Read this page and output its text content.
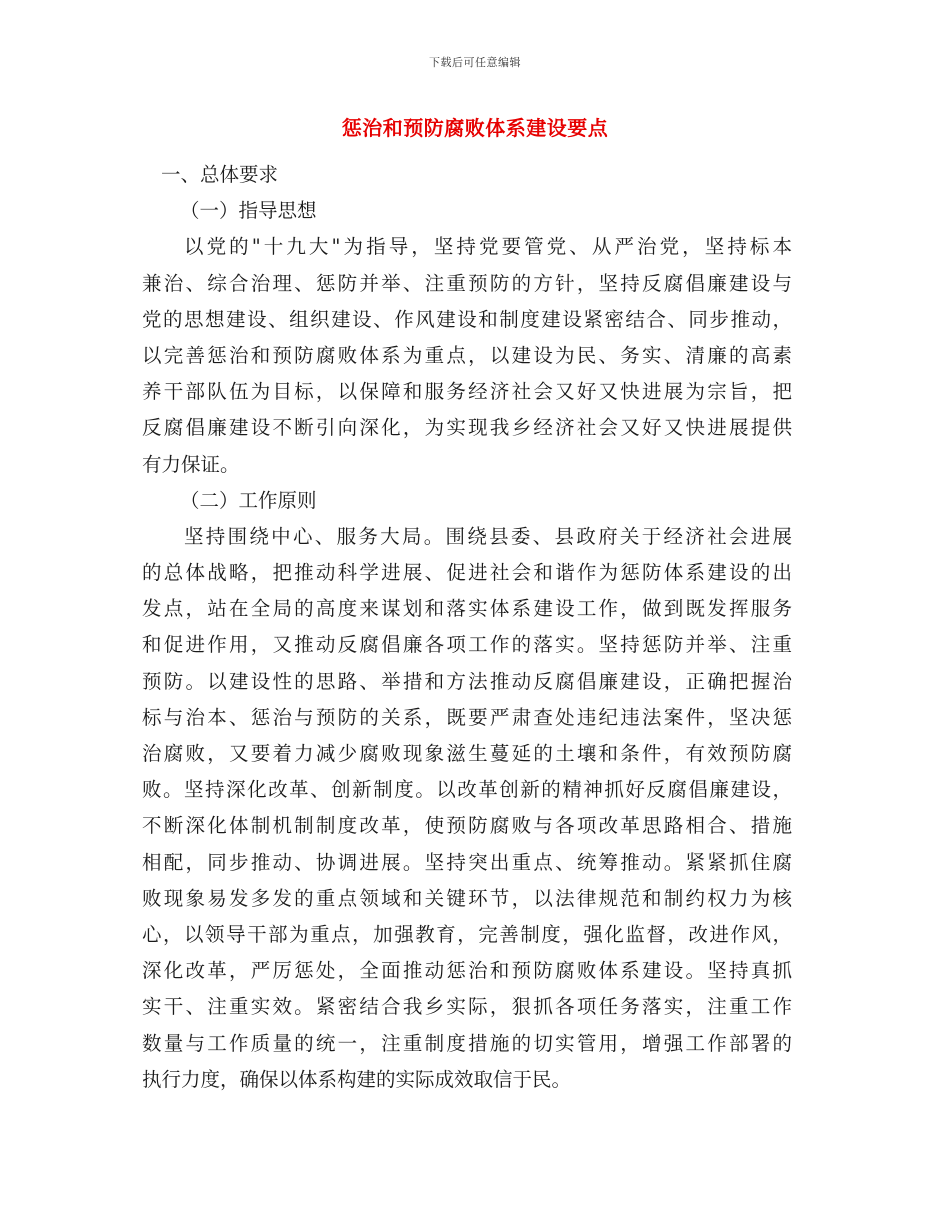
下载后可任意编辑
惩治和预防腐败体系建设要点
一、总体要求
（一）指导思想
以党的"十九大"为指导，坚持党要管党、从严治党，坚持标本
兼治、综合治理、惩防并举、注重预防的方针，坚持反腐倡廉建设与
党的思想建设、组织建设、作风建设和制度建设紧密结合、同步推动，
以完善惩治和预防腐败体系为重点，以建设为民、务实、清廉的高素
养干部队伍为目标，以保障和服务经济社会又好又快进展为宗旨，把
反腐倡廉建设不断引向深化，为实现我乡经济社会又好又快进展提供
有力保证。
（二）工作原则
坚持围绕中心、服务大局。围绕县委、县政府关于经济社会进展
的总体战略，把推动科学进展、促进社会和谐作为惩防体系建设的出
发点，站在全局的高度来谋划和落实体系建设工作，做到既发挥服务
和促进作用，又推动反腐倡廉各项工作的落实。坚持惩防并举、注重
预防。以建设性的思路、举措和方法推动反腐倡廉建设，正确把握治
标与治本、惩治与预防的关系，既要严肃查处违纪违法案件，坚决惩
治腐败，又要着力减少腐败现象滋生蔓延的土壤和条件，有效预防腐
败。坚持深化改革、创新制度。以改革创新的精神抓好反腐倡廉建设，
不断深化体制机制制度改革，使预防腐败与各项改革思路相合、措施
相配，同步推动、协调进展。坚持突出重点、统筹推动。紧紧抓住腐
败现象易发多发的重点领域和关键环节，以法律规范和制约权力为核
心，以领导干部为重点，加强教育，完善制度，强化监督，改进作风，
深化改革，严厉惩处，全面推动惩治和预防腐败体系建设。坚持真抓
实干、注重实效。紧密结合我乡实际，狠抓各项任务落实，注重工作
数量与工作质量的统一，注重制度措施的切实管用，增强工作部署的
执行力度，确保以体系构建的实际成效取信于民。
